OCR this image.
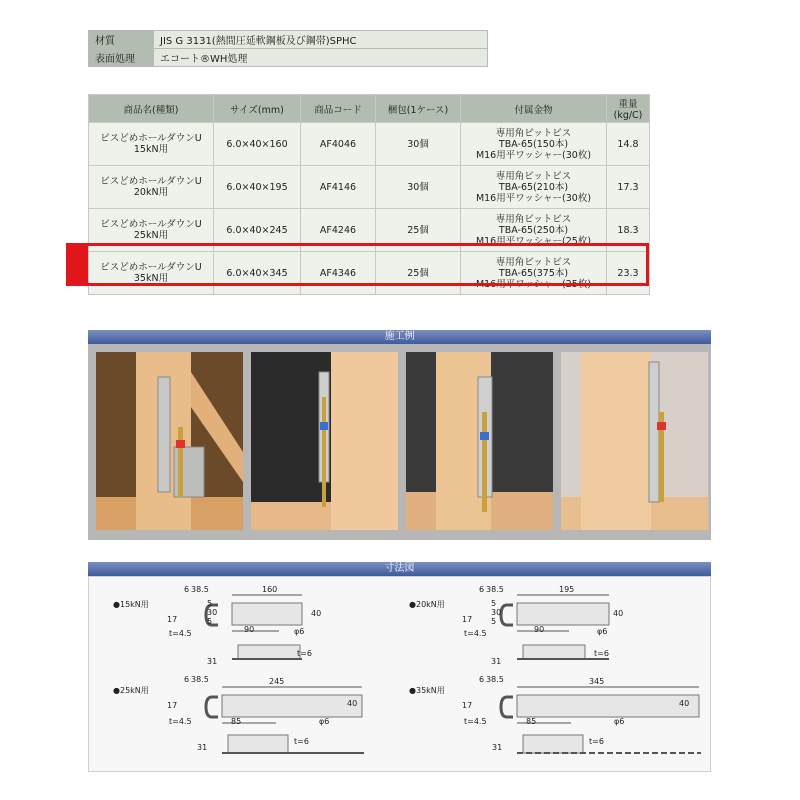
材質	JIS G 3131(熱間圧延軟鋼板及び鋼帯)SPHC
表面処理	エコート®WH処理
商品名(種類)	サイズ(mm)	商品コード	梱包(1ケース)	付属金物	重量(kg/C)
ビスどめホールダウンU
15kN用	6.0×40×160	AF4046	30個	専用角ビットビス
TBA-65(150本)
M16用平ワッシャー(30枚)	14.8
ビスどめホールダウンU
20kN用	6.0×40×195	AF4146	30個	専用角ビットビス
TBA-65(210本)
M16用平ワッシャー(30枚)	17.3
ビスどめホールダウンU
25kN用	6.0×40×245	AF4246	25個	専用角ビットビス
TBA-65(250本)
M16用平ワッシャー(25枚)	18.3
ビスどめホールダウンU
35kN用	6.0×40×345	AF4346	25個	専用角ビットビス
TBA-65(375本)
M16用平ワッシャー(25枚)	23.3
施工例
寸法図
●15kN用
6 38.5	160
40
5
30
5
17
t=4.5	90	φ6
31
t=6
●20kN用
6 38.5	195
40
5
30
5
17
t=4.5	90	φ6
31
t=6
●25kN用
6 38.5	245
40
17
t=4.5	85	φ6
31
t=6
●35kN用
6 38.5	345
40
17
t=4.5	85	φ6
31
t=6
